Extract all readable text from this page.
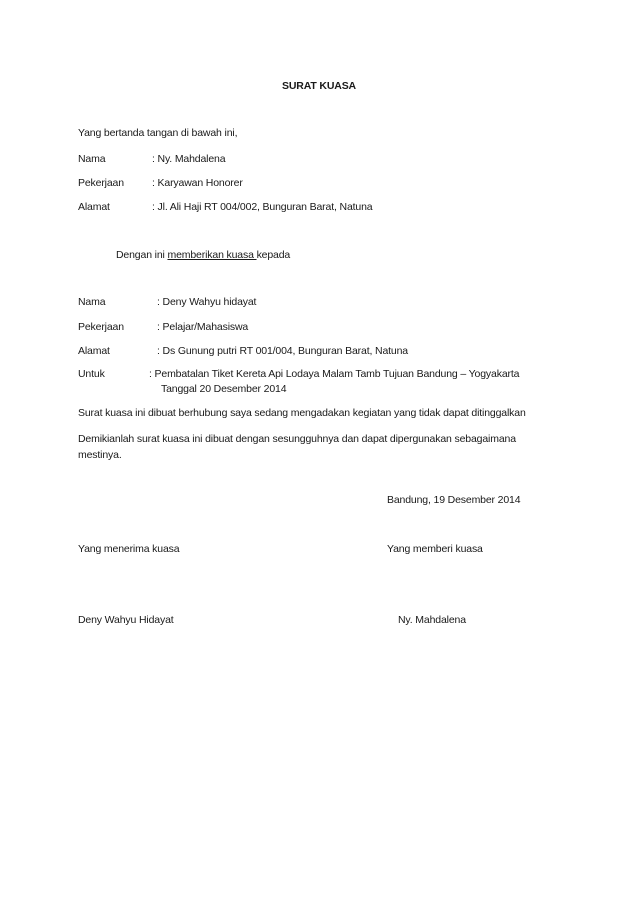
SURAT KUASA
Yang bertanda tangan di bawah ini,
Nama	: Ny. Mahdalena
Pekerjaan	: Karyawan Honorer
Alamat	: Jl. Ali Haji RT 004/002, Bunguran Barat, Natuna
Dengan ini memberikan kuasa kepada
Nama	: Deny Wahyu hidayat
Pekerjaan	: Pelajar/Mahasiswa
Alamat	: Ds Gunung putri RT 001/004, Bunguran Barat, Natuna
Untuk	: Pembatalan Tiket Kereta Api Lodaya Malam Tamb Tujuan Bandung – Yogyakarta
Tanggal 20 Desember 2014
Surat kuasa ini dibuat berhubung saya sedang mengadakan kegiatan yang tidak dapat ditinggalkan
Demikianlah surat kuasa ini dibuat dengan sesungguhnya dan dapat dipergunakan sebagaimana mestinya.
Bandung, 19 Desember 2014
Yang menerima kuasa	Yang memberi kuasa
Deny Wahyu Hidayat	Ny. Mahdalena
